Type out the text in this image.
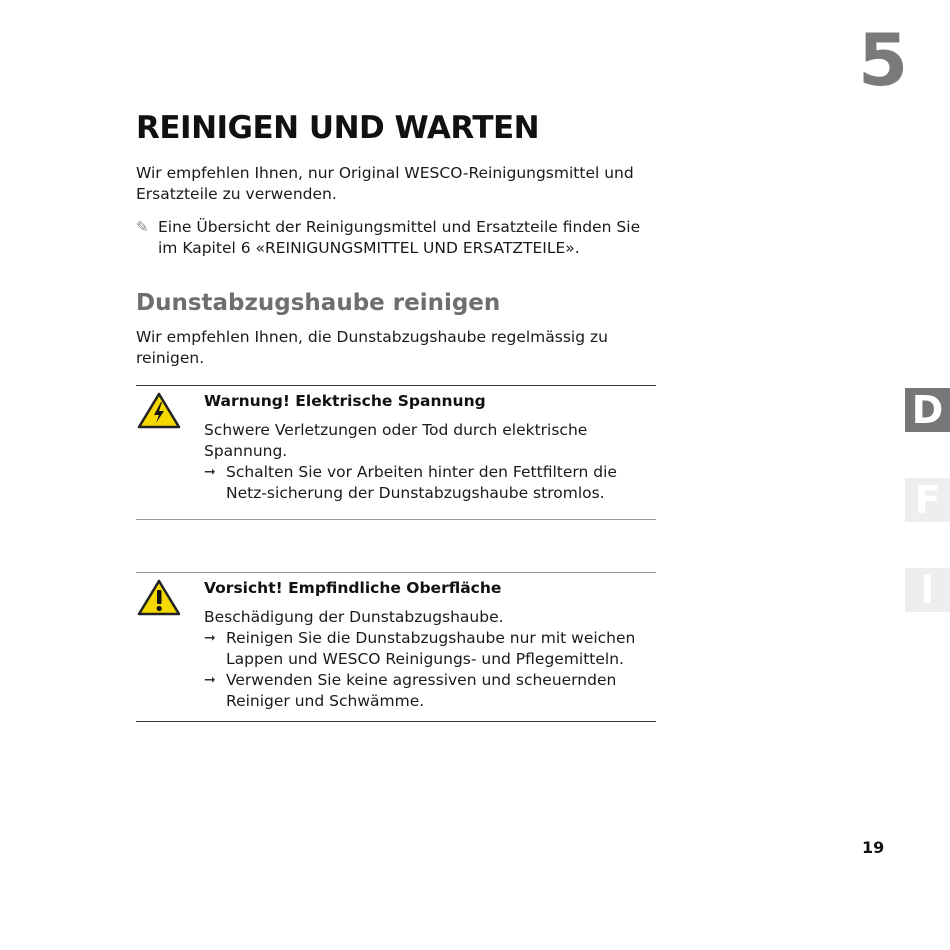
5
REINIGEN UND WARTEN

Wir empfehlen Ihnen, nur Original WESCO-Reinigungsmittel und Ersatzteile zu verwenden.

✎ Eine Übersicht der Reinigungsmittel und Ersatzteile finden Sie im Kapitel 6 «REINIGUNGSMITTEL UND ERSATZTEILE».

Dunstabzugshaube reinigen

Wir empfehlen Ihnen, die Dunstabzugshaube regelmässig zu reinigen.

Warnung! Elektrische Spannung

Schwere Verletzungen oder Tod durch elektrische Spannung.

➞ Schalten Sie vor Arbeiten hinter den Fettfiltern die Netz-sicherung der Dunstabzugshaube stromlos.

Vorsicht! Empfindliche Oberfläche

Beschädigung der Dunstabzugshaube.

➞ Reinigen Sie die Dunstabzugshaube nur mit weichen Lappen und WESCO Reinigungs- und Pflegemitteln.
➞ Verwenden Sie keine agressiven und scheuernden Reiniger und Schwämme.
D
F
I
19
